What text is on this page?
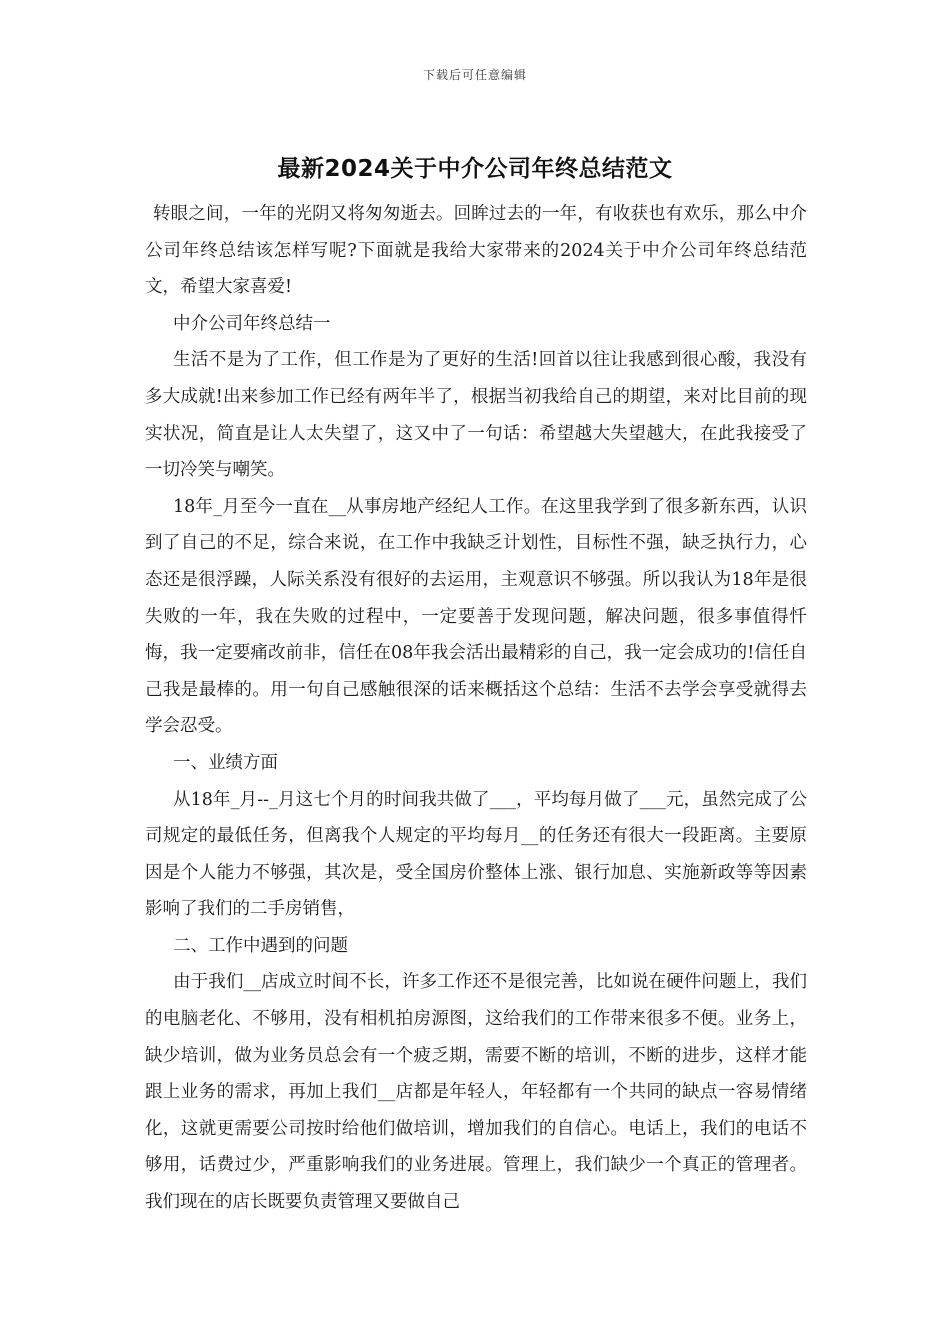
下载后可任意编辑
最新2024关于中介公司年终总结范文

转眼之间，一年的光阴又将匆匆逝去。回眸过去的一年，有收获也有欢乐，那么中介公司年终总结该怎样写呢?下面就是我给大家带来的2024关于中介公司年终总结范文，希望大家喜爱!

中介公司年终总结一

生活不是为了工作，但工作是为了更好的生活!回首以往让我感到很心酸，我没有多大成就!出来参加工作已经有两年半了，根据当初我给自己的期望，来对比目前的现实状况，简直是让人太失望了，这又中了一句话：希望越大失望越大，在此我接受了一切冷笑与嘲笑。

18年_月至今一直在__从事房地产经纪人工作。在这里我学到了很多新东西，认识到了自己的不足，综合来说，在工作中我缺乏计划性，目标性不强，缺乏执行力，心态还是很浮躁，人际关系没有很好的去运用，主观意识不够强。所以我认为18年是很失败的一年，我在失败的过程中，一定要善于发现问题，解决问题，很多事值得忏悔，我一定要痛改前非，信任在08年我会活出最精彩的自己，我一定会成功的!信任自己我是最棒的。用一句自己感触很深的话来概括这个总结：生活不去学会享受就得去学会忍受。

一、业绩方面

从18年_月--_月这七个月的时间我共做了___，平均每月做了___元，虽然完成了公司规定的最低任务，但离我个人规定的平均每月__的任务还有很大一段距离。主要原因是个人能力不够强，其次是，受全国房价整体上涨、银行加息、实施新政等等因素影响了我们的二手房销售，

二、工作中遇到的问题

由于我们__店成立时间不长，许多工作还不是很完善，比如说在硬件问题上，我们的电脑老化、不够用，没有相机拍房源图，这给我们的工作带来很多不便。业务上，缺少培训，做为业务员总会有一个疲乏期，需要不断的培训，不断的进步，这样才能跟上业务的需求，再加上我们__店都是年轻人，年轻都有一个共同的缺点一容易情绪化，这就更需要公司按时给他们做培训，增加我们的自信心。电话上，我们的电话不够用，话费过少，严重影响我们的业务进展。管理上，我们缺少一个真正的管理者。我们现在的店长既要负责管理又要做自己
